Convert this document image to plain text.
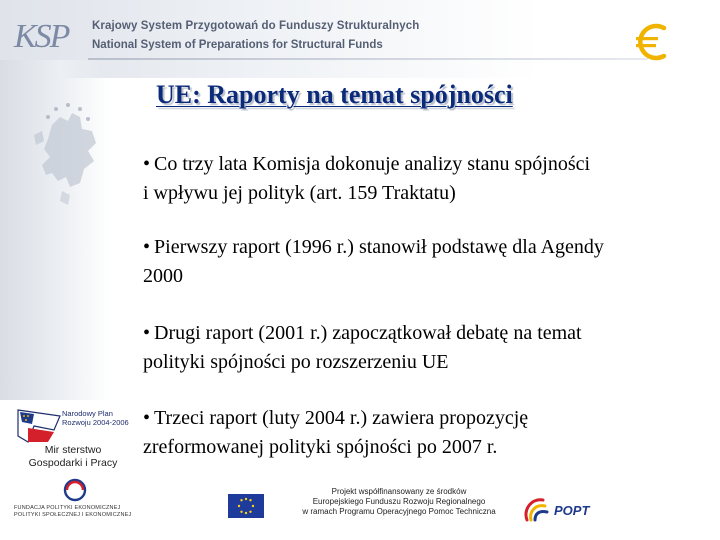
KSP	Krajowy System Przygotowań do Funduszy Strukturalnych
National System of Preparations for Structural Funds
UE: Raporty na temat spójności

• Co trzy lata Komisja dokonuje analizy stanu spójności
i wpływu jej polityk (art. 159 Traktatu)

• Pierwszy raport (1996 r.) stanowił podstawę dla Agendy
2000

• Drugi raport (2001 r.) zapoczątkował debatę na temat
polityki spójności po rozszerzeniu UE

• Trzeci raport (luty 2004 r.) zawiera propozycję
zreformowanej polityki spójności po 2007 r.

Narodowy Plan
Rozwoju 2004-2006
Mir sterstwo
Gospodarki i Pracy
FUNDACJA POLITYKI EKONOMICZNEJ
POLITYKI SPOŁECZNEJ I EKONOMICZNEJ
Projekt współfinansowany ze środków
Europejskiego Funduszu Rozwoju Regionalnego
w ramach Programu Operacyjnego Pomoc Techniczna	POPT
